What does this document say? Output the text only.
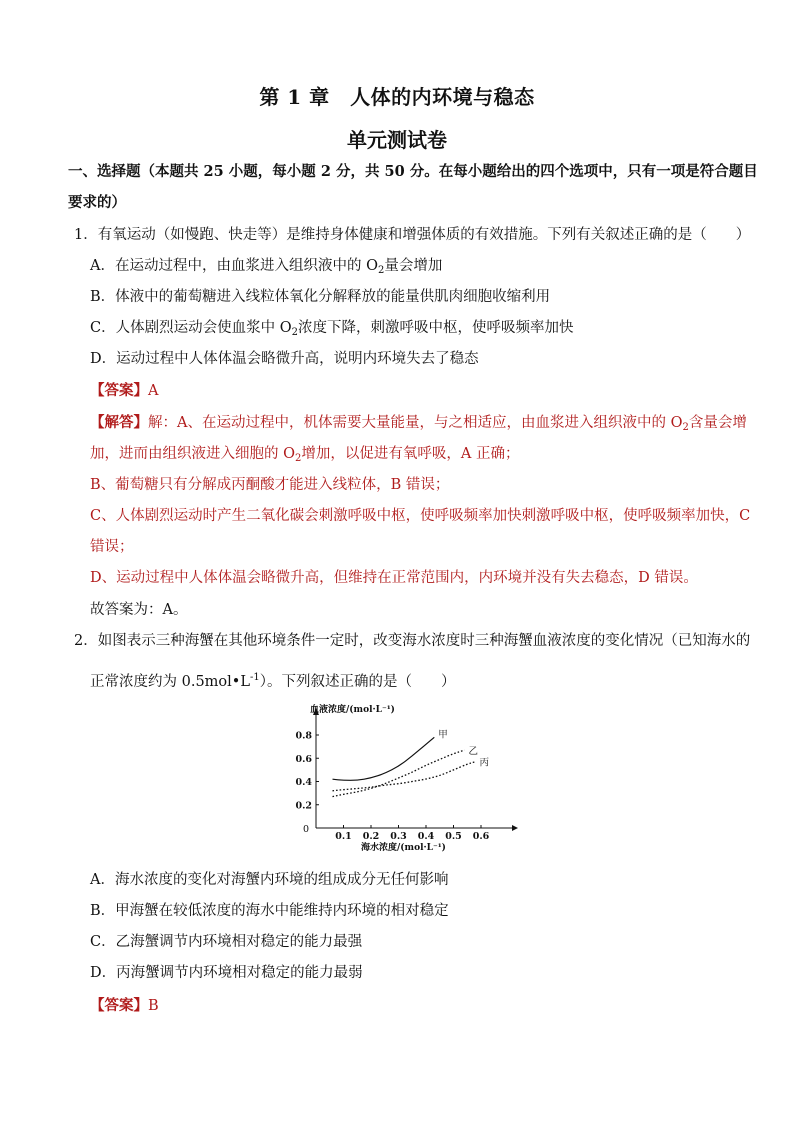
第 1 章　人体的内环境与稳态
单元测试卷
一、选择题（本题共 25 小题，每小题 2 分，共 50 分。在每小题给出的四个选项中，只有一项是符合题目
要求的）
1．有氧运动（如慢跑、快走等）是维持身体健康和增强体质的有效措施。下列有关叙述正确的是（　　）
A．在运动过程中，由血浆进入组织液中的 $O_2$量会增加
B．体液中的葡萄糖进入线粒体氧化分解释放的能量供肌肉细胞收缩利用
C．人体剧烈运动会使血浆中 $O_2$浓度下降，刺激呼吸中枢，使呼吸频率加快
D．运动过程中人体体温会略微升高，说明内环境失去了稳态
【答案】A
【解答】解：A、在运动过程中，机体需要大量能量，与之相适应，由血浆进入组织液中的 $O_2$含量会增
加，进而由组织液进入细胞的 $O_2$增加，以促进有氧呼吸，A 正确；
B、葡萄糖只有分解成丙酮酸才能进入线粒体，B 错误；
C、人体剧烈运动时产生二氧化碳会刺激呼吸中枢，使呼吸频率加快刺激呼吸中枢，使呼吸频率加快，C
错误；
D、运动过程中人体体温会略微升高，但维持在正常范围内，内环境并没有失去稳态，D 错误。
故答案为：A。
2．如图表示三种海蟹在其他环境条件一定时，改变海水浓度时三种海蟹血液浓度的变化情况（已知海水的
正常浓度约为 $0.5mol•L^{-1}$）。下列叙述正确的是（　　）
0.1 0.2 0.3 0.4 0.5 0.6
0.2
0.4
0.6
0.8	甲
乙
丙
0
血液浓度/(mol·L⁻¹)
海水浓度/(mol·L⁻¹)
A．海水浓度的变化对海蟹内环境的组成成分无任何影响
B．甲海蟹在较低浓度的海水中能维持内环境的相对稳定
C．乙海蟹调节内环境相对稳定的能力最强
D．丙海蟹调节内环境相对稳定的能力最弱
【答案】B
